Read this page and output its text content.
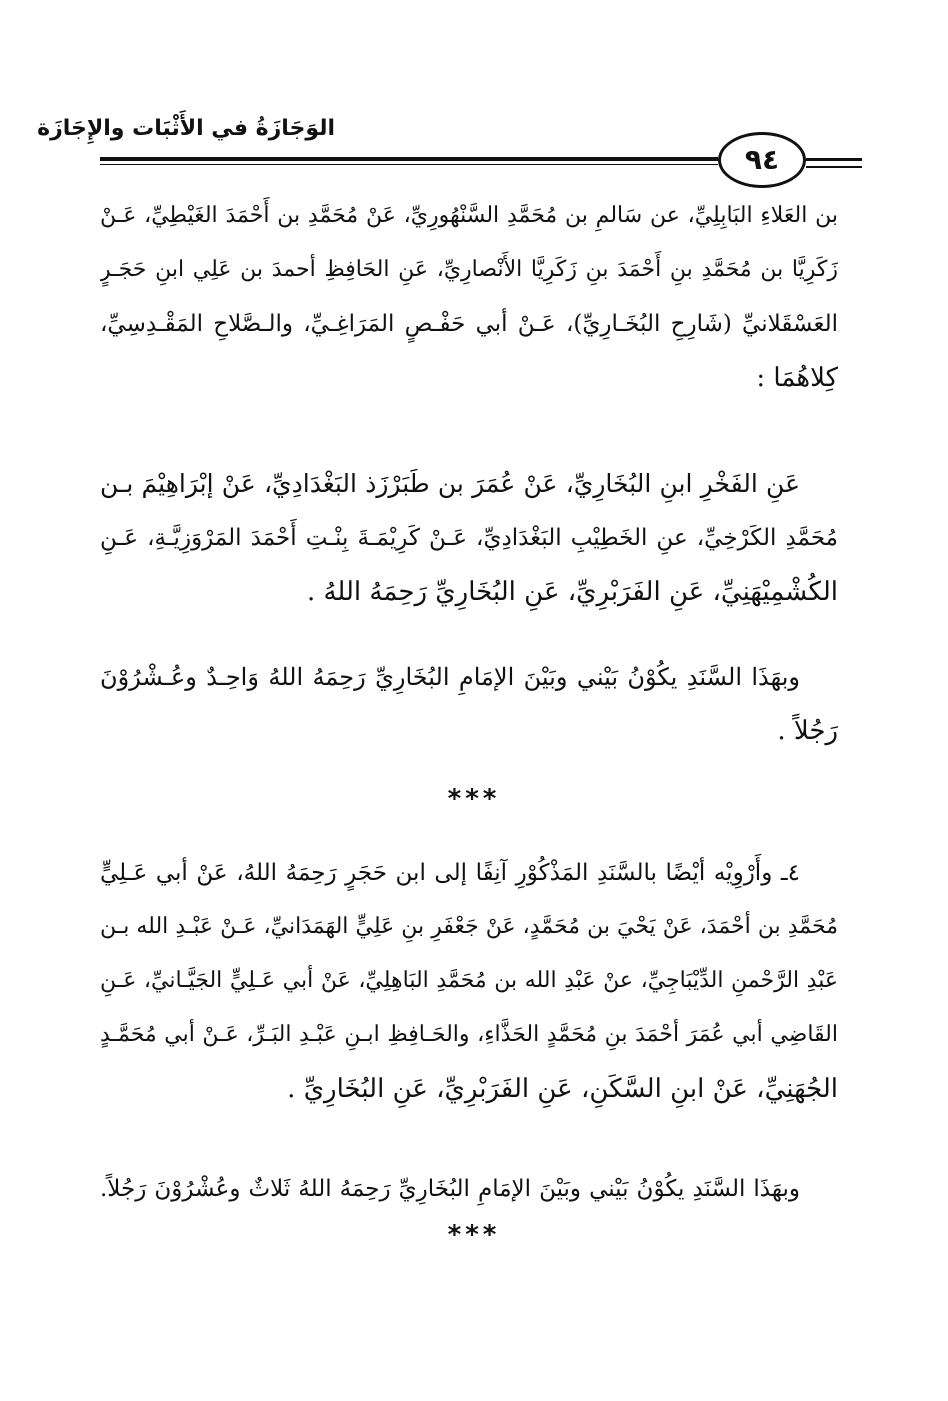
الوَجَازَةُ في الأَثْبَات والإِجَازَة
٩٤
بن العَلاءِ البَابِلِيِّ، عن سَالمِ بن مُحَمَّدِ السَّنْهُورِيِّ، عَنْ مُحَمَّدِ بن أَحْمَدَ الغَيْطِيِّ، عَـنْ
زَكَرِيَّا بن مُحَمَّدِ بنِ أَحْمَدَ بنِ زَكَرِيَّا الأَنْصارِيِّ، عَنِ الحَافِظِ أحمدَ بن عَلِي ابنِ حَجَـرٍ
العَسْقَلانيِّ (شَارِحِ البُخَـارِيِّ)، عَـنْ أبي حَفْـصٍ المَرَاغِـيِّ، والـصَّلاحِ المَقْـدِسِيِّ،
كِلاهُمَا :
عَنِ الفَخْرِ ابنِ البُخَارِيِّ، عَنْ عُمَرَ بن طَبَرْزَذ البَغْدَادِيِّ، عَنْ إبْرَاهِيْمَ بـن
مُحَمَّدِ الكَرْخِيِّ، عنِ الخَطِيْبِ البَغْدَادِيِّ، عَـنْ كَرِيْمَـةَ بِنْـتِ أَحْمَدَ المَرْوَزِيَّـةِ، عَـنِ
الكُشْمِيْهَنِيِّ، عَنِ الفَرَبْرِيِّ، عَنِ البُخَارِيِّ رَحِمَهُ اللهُ .
وبهَذَا السَّنَدِ يكُوْنُ بَيْني وبَيْنَ الإمَامِ البُخَارِيِّ رَحِمَهُ اللهُ وَاحِـدٌ وعُـشْرُوْنَ
رَجُلاً .
***
٤ـ وأَرْوِيْه أيْضًا بالسَّنَدِ المَذْكُوْرِ آنِفًا إلى ابن حَجَرٍ رَحِمَهُ اللهُ، عَنْ أبي عَـلِيٍّ
مُحَمَّدِ بن أحْمَدَ، عَنْ يَحْيَ بن مُحَمَّدٍ، عَنْ جَعْفَرِ بنِ عَلِيٍّ الهَمَدَانيِّ، عَـنْ عَبْـدِ الله بـن
عَبْدِ الرَّحْمنِ الدِّيْبَاجِيِّ، عنْ عَبْدِ الله بن مُحَمَّدِ البَاهِلِيِّ، عَنْ أبي عَـلِيٍّ الجَيَّـانيِّ، عَـنِ
القَاضِي أبي عُمَرَ أحْمَدَ بنِ مُحَمَّدٍ الحَذَّاءِ، والحَـافِظِ ابـنِ عَبْـدِ البَـرِّ، عَـنْ أبي مُحَمَّـدٍ
الجُهَنِيِّ، عَنْ ابنِ السَّكَنِ، عَنِ الفَرَبْرِيِّ، عَنِ البُخَارِيِّ .
وبهَذَا السَّنَدِ يكُوْنُ بَيْني وبَيْنَ الإمَامِ البُخَارِيِّ رَحِمَهُ اللهُ ثَلاثٌ وعُشْرُوْنَ رَجُلاً.
***
